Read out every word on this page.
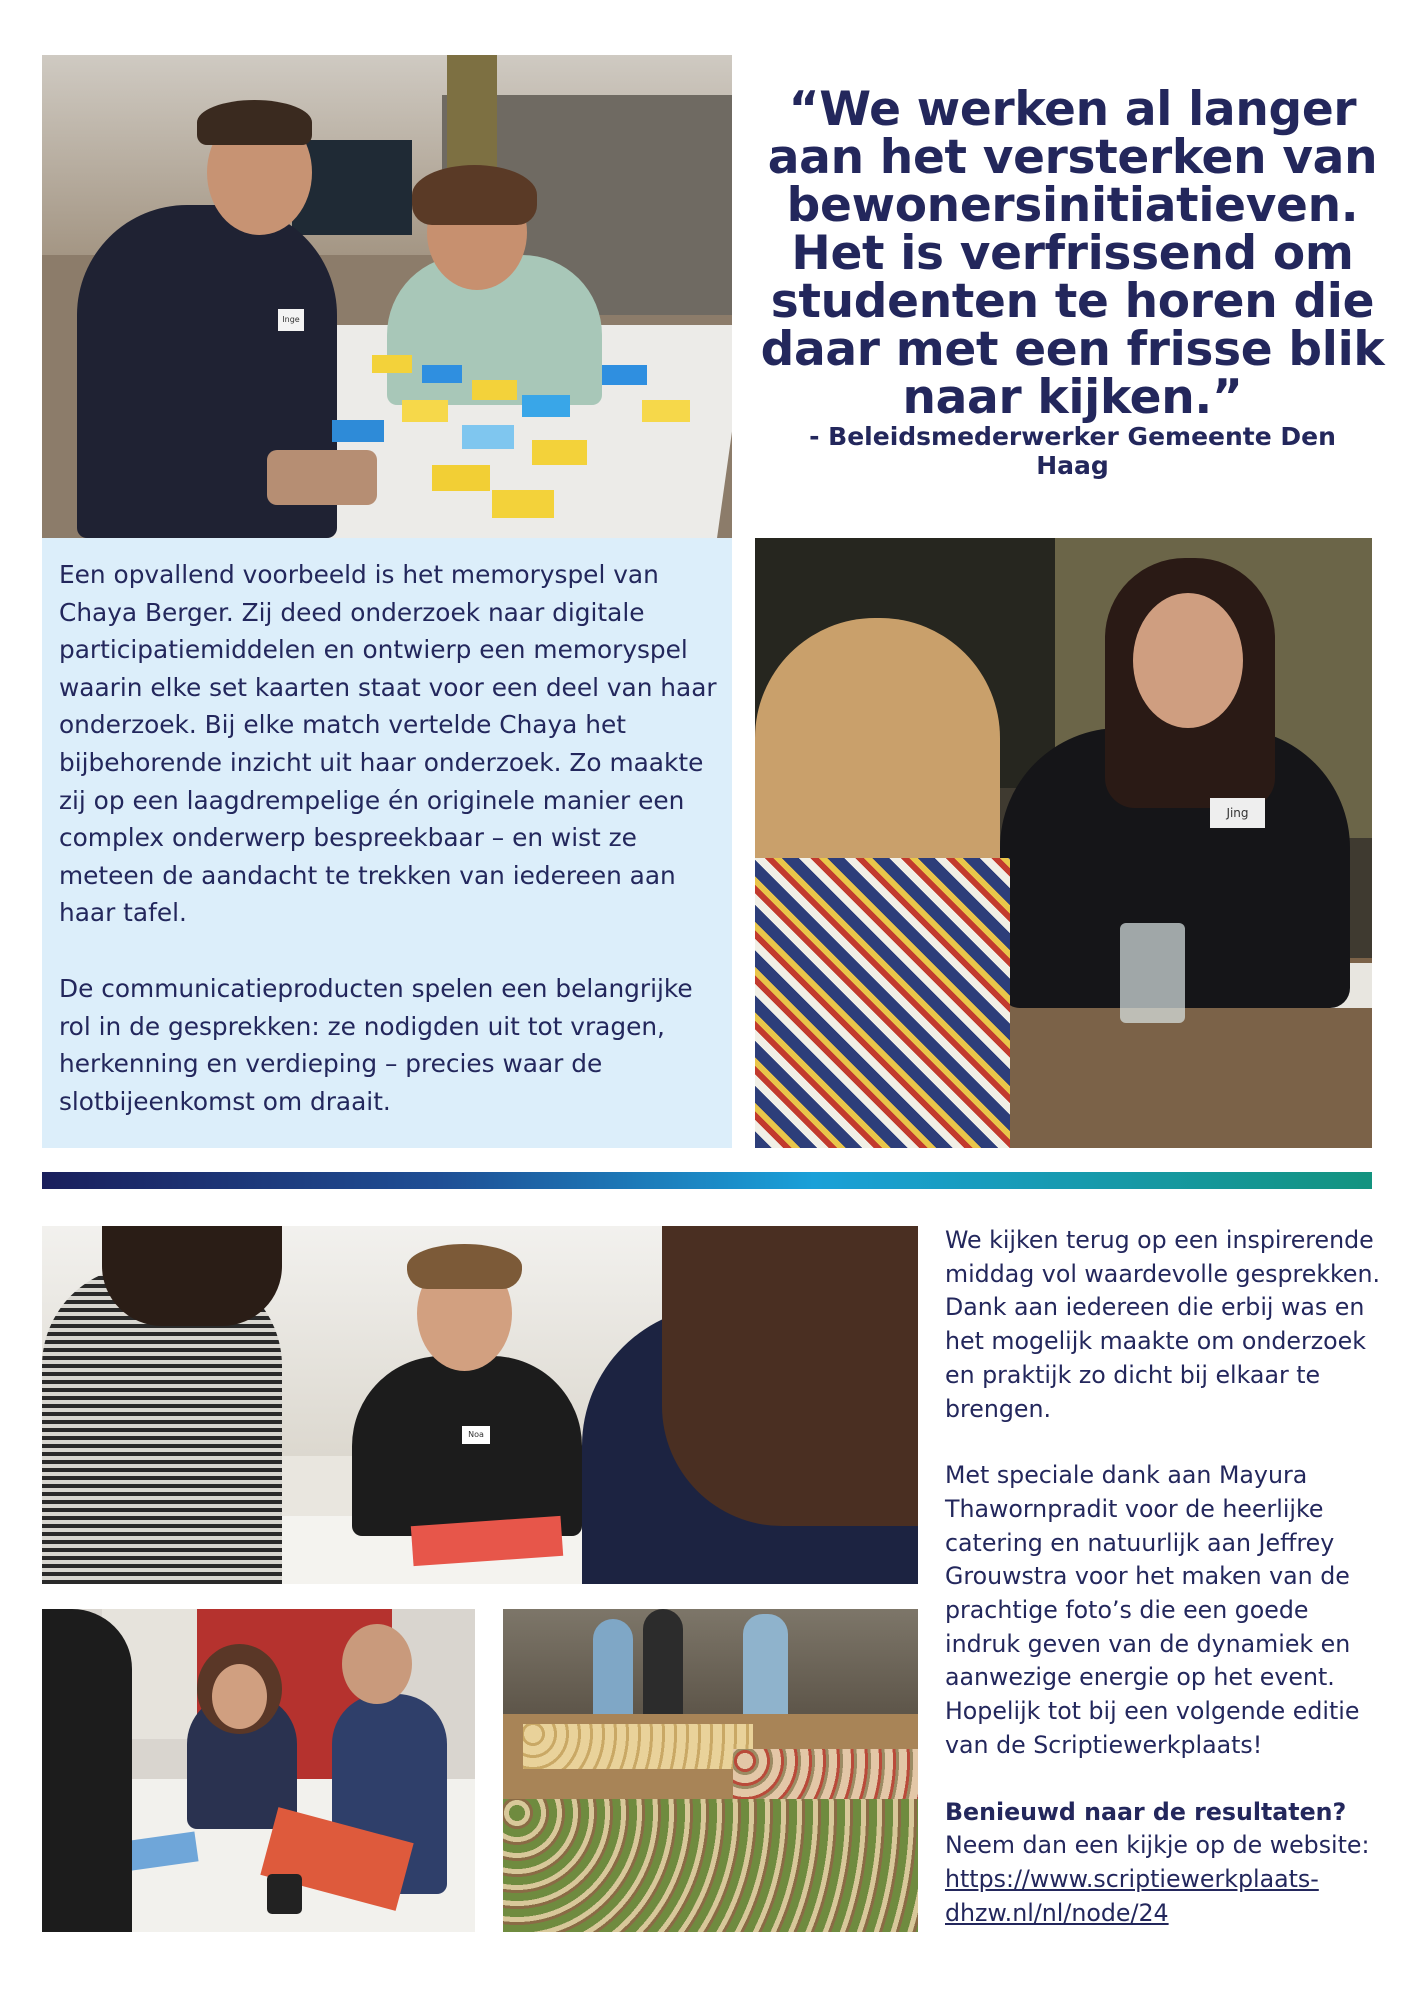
Inge
“We werken al langer aan het versterken van bewonersinitiatieven. Het is verfrissend om studenten te horen die daar met een frisse blik naar kijken.”
- Beleidsmederwerker Gemeente Den Haag

Een opvallend voorbeeld is het memoryspel van Chaya Berger. Zij deed onderzoek naar digitale participatiemiddelen en ontwierp een memoryspel waarin elke set kaarten staat voor een deel van haar onderzoek. Bij elke match vertelde Chaya het bijbehorende inzicht uit haar onderzoek. Zo maakte zij op een laagdrempelige én originele manier een complex onderwerp bespreekbaar – en wist ze meteen de aandacht te trekken van iedereen aan haar tafel.

De communicatieproducten spelen een belangrijke rol in de gesprekken: ze nodigden uit tot vragen, herkenning en verdieping – precies waar de slotbijeenkomst om draait.

Jing
Noa

We kijken terug op een inspirerende middag vol waardevolle gesprekken. Dank aan iedereen die erbij was en het mogelijk maakte om onderzoek en praktijk zo dicht bij elkaar te brengen.

Met speciale dank aan Mayura Thawornpradit voor de heerlijke catering en natuurlijk aan Jeffrey Grouwstra voor het maken van de prachtige foto’s die een goede indruk geven van de dynamiek en aanwezige energie op het event. Hopelijk tot bij een volgende editie van de Scriptiewerkplaats!

Benieuwd naar de resultaten?
Neem dan een kijkje op de website:
https://www.scriptiewerkplaats-dhzw.nl/nl/node/24
